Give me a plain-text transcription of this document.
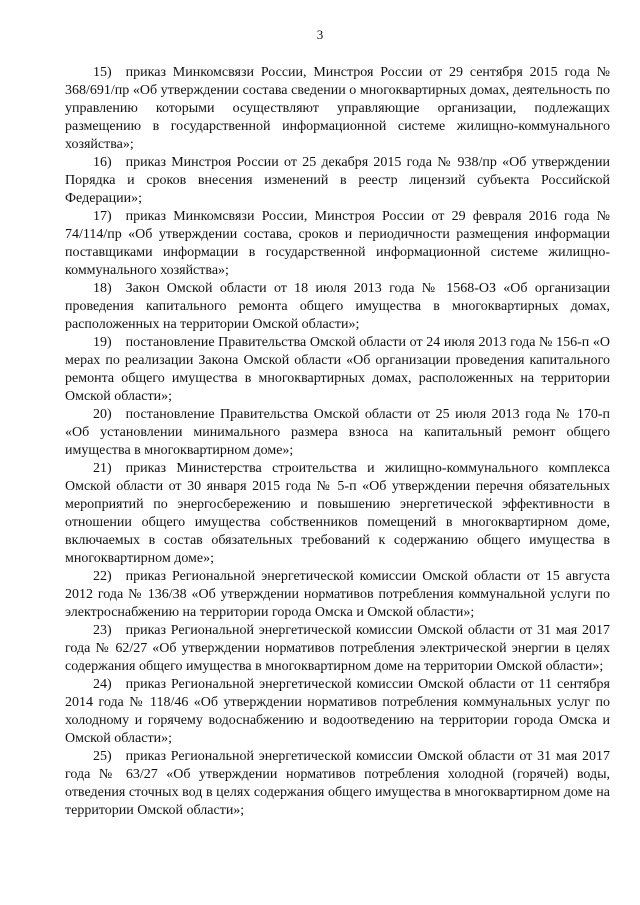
3

15) приказ Минкомсвязи России, Минстроя России от 29 сентября 2015 года № 368/691/пр «Об утверждении состава сведении о многоквартирных домах, деятельность по управлению которыми осуществляют управляющие организации, подлежащих размещению в государственной информационной системе жилищно-коммунального хозяйства»;

16) приказ Минстроя России от 25 декабря 2015 года № 938/пр «Об утверждении Порядка и сроков внесения изменений в реестр лицензий субъекта Российской Федерации»;

17) приказ Минкомсвязи России, Минстроя России от 29 февраля 2016 года № 74/114/пр «Об утверждении состава, сроков и периодичности размещения информации поставщиками информации в государственной информационной системе жилищно-коммунального хозяйства»;

18) Закон Омской области от 18 июля 2013 года № 1568-ОЗ «Об организации проведения капитального ремонта общего имущества в многоквартирных домах, расположенных на территории Омской области»;

19) постановление Правительства Омской области от 24 июля 2013 года № 156-п «О мерах по реализации Закона Омской области «Об организации проведения капитального ремонта общего имущества в многоквартирных домах, расположенных на территории Омской области»;

20) постановление Правительства Омской области от 25 июля 2013 года № 170-п «Об установлении минимального размера взноса на капитальный ремонт общего имущества в многоквартирном доме»;

21) приказ Министерства строительства и жилищно-коммунального комплекса Омской области от 30 января 2015 года № 5-п «Об утверждении перечня обязательных мероприятий по энергосбережению и повышению энергетической эффективности в отношении общего имущества собственников помещений в многоквартирном доме, включаемых в состав обязательных требований к содержанию общего имущества в многоквартирном доме»;

22) приказ Региональной энергетической комиссии Омской области от 15 августа 2012 года № 136/38 «Об утверждении нормативов потребления коммунальной услуги по электроснабжению на территории города Омска и Омской области»;

23) приказ Региональной энергетической комиссии Омской области от 31 мая 2017 года № 62/27 «Об утверждении нормативов потребления электрической энергии в целях содержания общего имущества в многоквартирном доме на территории Омской области»;

24) приказ Региональной энергетической комиссии Омской области от 11 сентября 2014 года № 118/46 «Об утверждении нормативов потребления коммунальных услуг по холодному и горячему водоснабжению и водоотведению на территории города Омска и Омской области»;

25) приказ Региональной энергетической комиссии Омской области от 31 мая 2017 года № 63/27 «Об утверждении нормативов потребления холодной (горячей) воды, отведения сточных вод в целях содержания общего имущества в многоквартирном доме на территории Омской области»;
